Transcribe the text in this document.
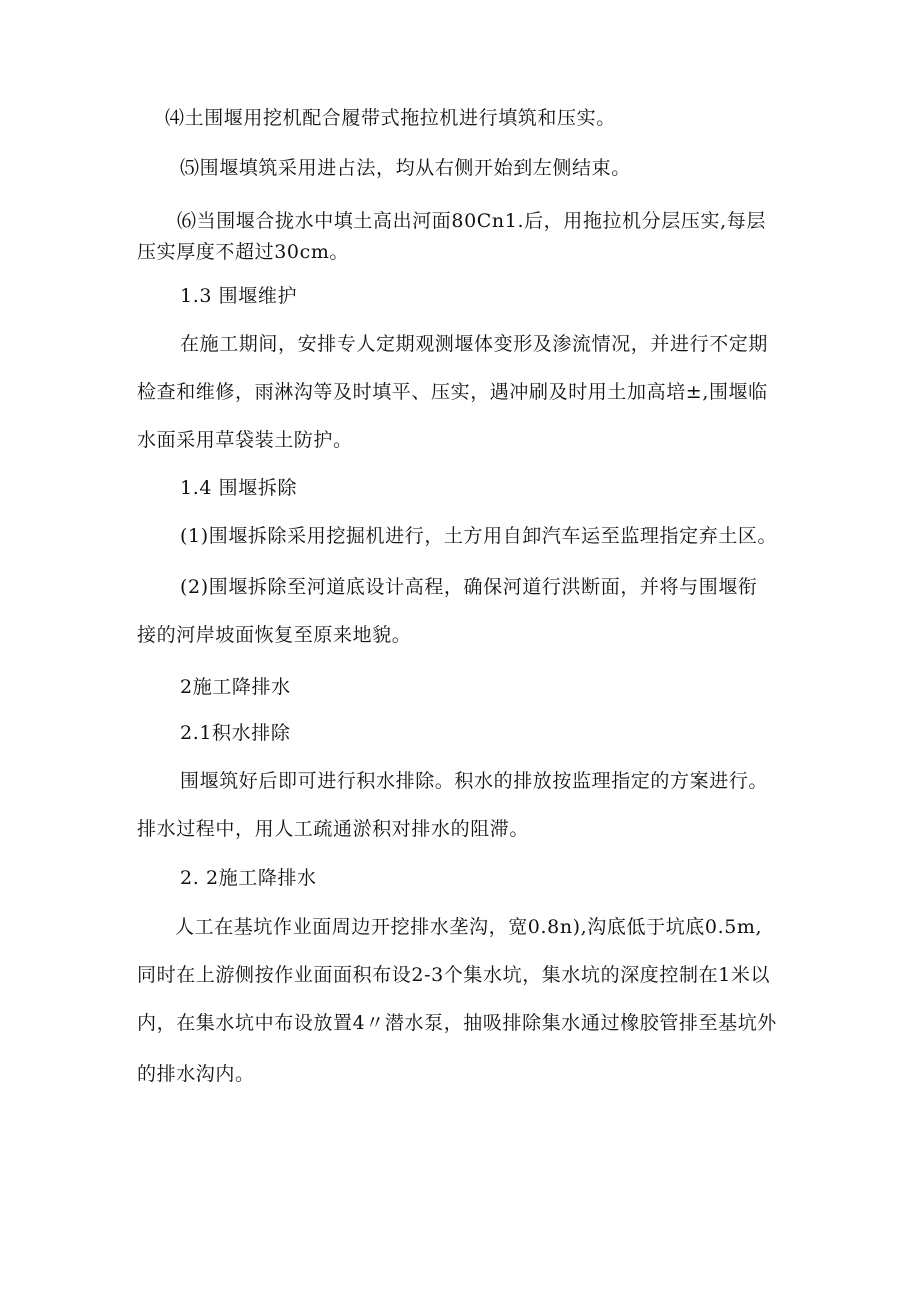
⑷土围堰用挖机配合履带式拖拉机进行填筑和压实。
⑸围堰填筑采用进占法，均从右侧开始到左侧结束。
⑹当围堰合拢水中填土高出河面80Cn1.后，用拖拉机分层压实,每层
压实厚度不超过30cm。
1.3 围堰维护
在施工期间，安排专人定期观测堰体变形及渗流情况，并进行不定期
检查和维修，雨淋沟等及时填平、压实，遇冲刷及时用土加高培±,围堰临
水面采用草袋装土防护。
1.4 围堰拆除
(1)围堰拆除采用挖掘机进行，土方用自卸汽车运至监理指定弃土区。
(2)围堰拆除至河道底设计高程，确保河道行洪断面，并将与围堰衔
接的河岸坡面恢复至原来地貌。
2施工降排水
2.1积水排除
围堰筑好后即可进行积水排除。积水的排放按监理指定的方案进行。
排水过程中，用人工疏通淤积对排水的阻滞。
2. 2施工降排水
人工在基坑作业面周边开挖排水垄沟，宽0.8n),沟底低于坑底0.5m,
同时在上游侧按作业面面积布设2-3个集水坑，集水坑的深度控制在1米以
内，在集水坑中布设放置4〃潜水泵，抽吸排除集水通过橡胶管排至基坑外
的排水沟内。
